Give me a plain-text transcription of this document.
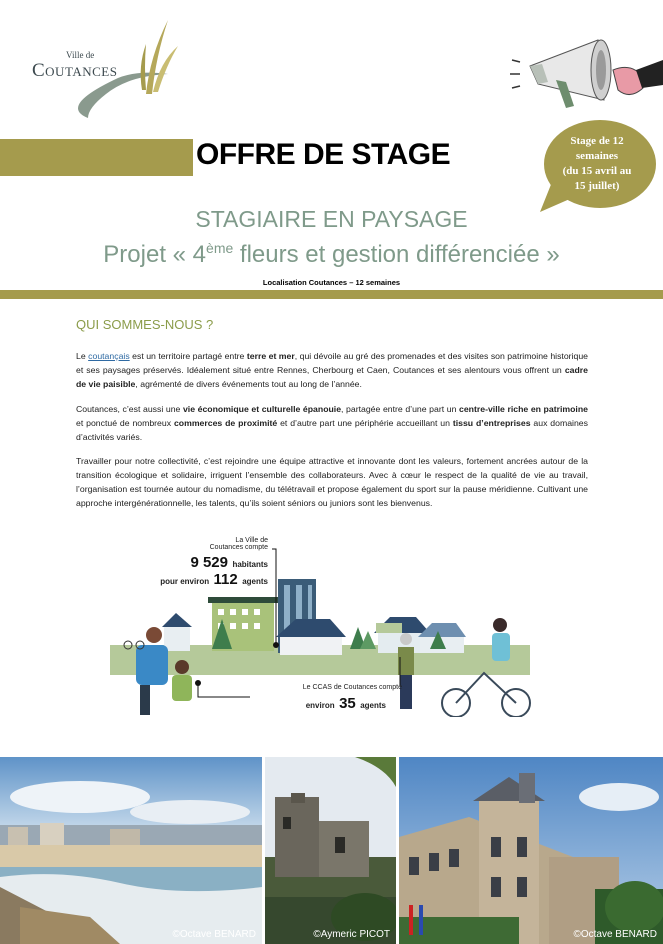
Ville de
Coutances
OFFRE DE STAGE	Stage de 12
semaines
(du 15 avril au
15 juillet)
STAGIAIRE EN PAYSAGE
Projet « 4ème fleurs et gestion différenciée »
Localisation Coutances – 12 semaines
QUI SOMMES-NOUS ?
Le coutançais est un territoire partagé entre terre et mer, qui dévoile au gré des promenades et des visites son patrimoine historique et ses paysages préservés. Idéalement situé entre Rennes, Cherbourg et Caen, Coutances et ses alentours vous offrent un cadre de vie paisible, agrémenté de divers événements tout au long de l’année.
Coutances, c’est aussi une vie économique et culturelle épanouie, partagée entre d’une part un centre-ville riche en patrimoine et ponctué de nombreux commerces de proximité et d’autre part une périphérie accueillant un tissu d’entreprises aux domaines d’activités variés.
Travailler pour notre collectivité, c’est rejoindre une équipe attractive et innovante dont les valeurs, fortement ancrées autour de la transition écologique et solidaire, irriguent l’ensemble des collaborateurs. Avec à cœur le respect de la qualité de vie au travail, l’organisation est tournée autour du nomadisme, du télétravail et propose également du sport sur la pause méridienne. Cultivant une approche intergénérationnelle, les talents, qu’ils soient séniors ou juniors sont les bienvenus.
La Ville de
Coutances compte
9 529 habitants
pour environ 112 agents
Le CCAS de Coutances compte
environ 35 agents
©Octave BENARD	©Aymeric PICOT	©Octave BENARD
